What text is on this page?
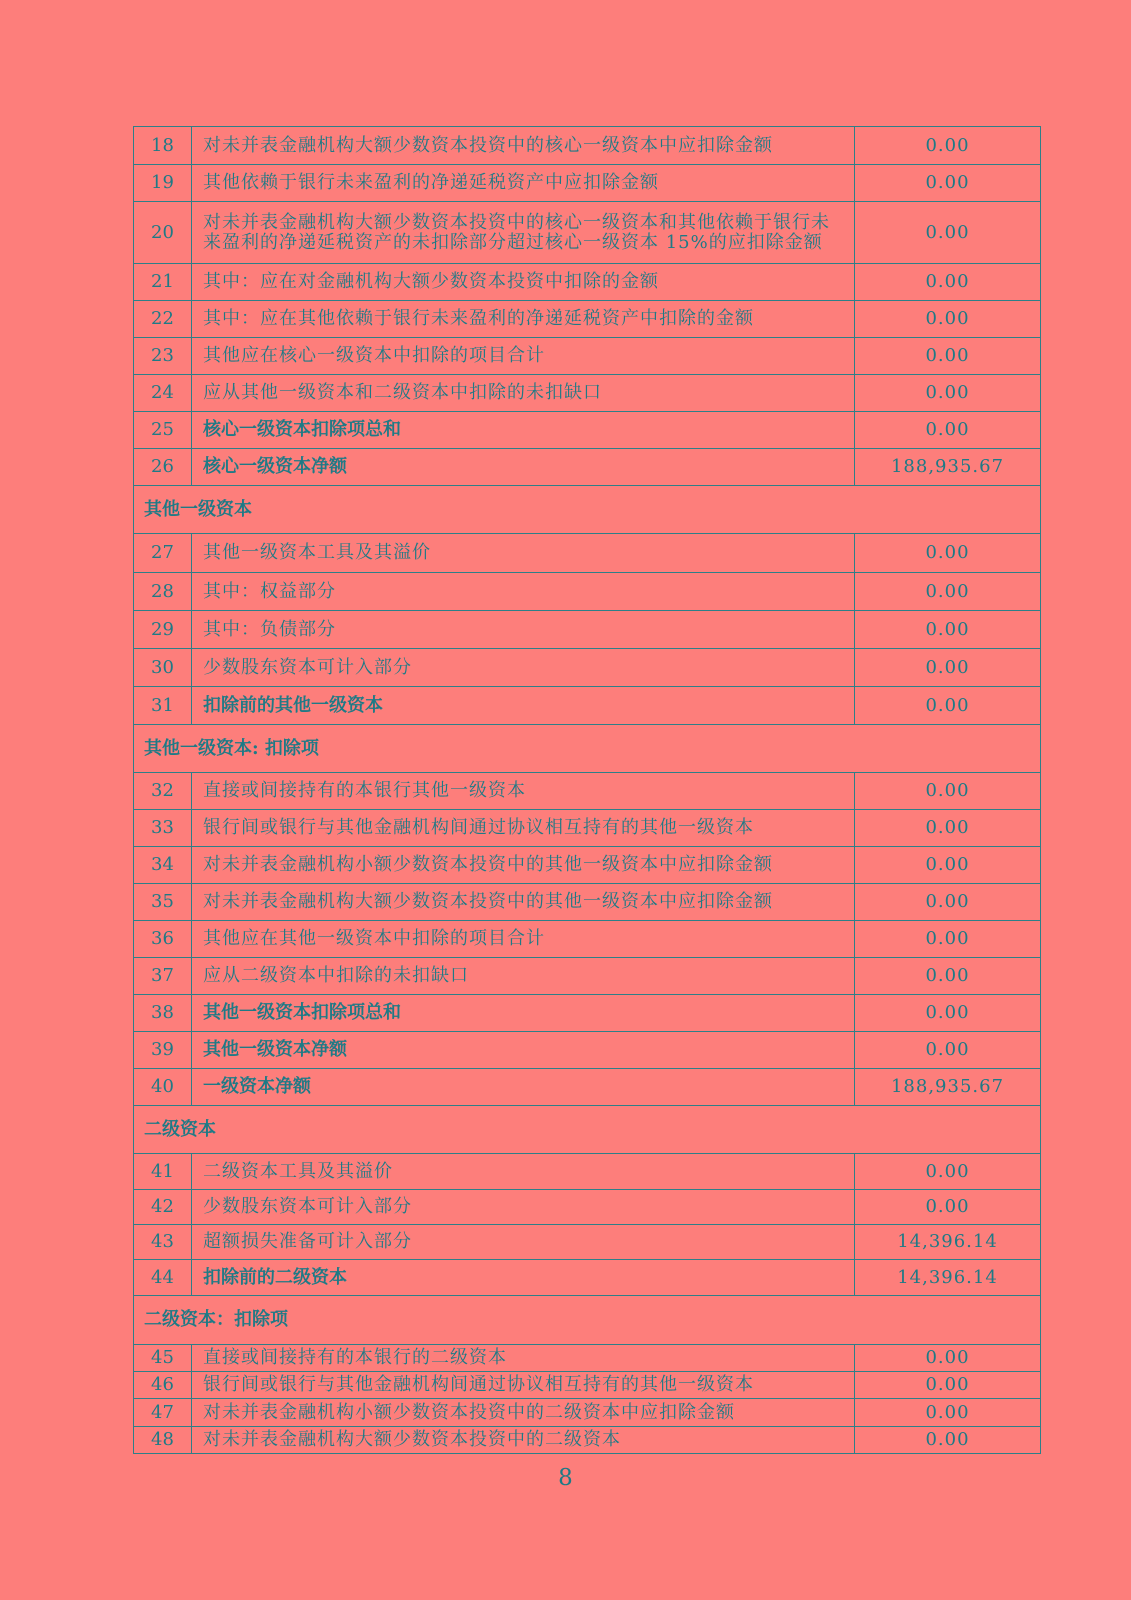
18	对未并表金融机构大额少数资本投资中的核心一级资本中应扣除金额	0.00
19	其他依赖于银行未来盈利的净递延税资产中应扣除金额	0.00
20	对未并表金融机构大额少数资本投资中的核心一级资本和其他依赖于银行未来盈利的净递延税资产的未扣除部分超过核心一级资本 15%的应扣除金额	0.00
21	其中：应在对金融机构大额少数资本投资中扣除的金额	0.00
22	其中：应在其他依赖于银行未来盈利的净递延税资产中扣除的金额	0.00
23	其他应在核心一级资本中扣除的项目合计	0.00
24	应从其他一级资本和二级资本中扣除的未扣缺口	0.00
25	核心一级资本扣除项总和	0.00
26	核心一级资本净额	188,935.67
其他一级资本		
27	其他一级资本工具及其溢价	0.00
28	其中：权益部分	0.00
29	其中：负债部分	0.00
30	少数股东资本可计入部分	0.00
31	扣除前的其他一级资本	0.00
其他一级资本: 扣除项		
32	直接或间接持有的本银行其他一级资本	0.00
33	银行间或银行与其他金融机构间通过协议相互持有的其他一级资本	0.00
34	对未并表金融机构小额少数资本投资中的其他一级资本中应扣除金额	0.00
35	对未并表金融机构大额少数资本投资中的其他一级资本中应扣除金额	0.00
36	其他应在其他一级资本中扣除的项目合计	0.00
37	应从二级资本中扣除的未扣缺口	0.00
38	其他一级资本扣除项总和	0.00
39	其他一级资本净额	0.00
40	一级资本净额	188,935.67
二级资本		
41	二级资本工具及其溢价	0.00
42	少数股东资本可计入部分	0.00
43	超额损失准备可计入部分	14,396.14
44	扣除前的二级资本	14,396.14
二级资本：扣除项		
45	直接或间接持有的本银行的二级资本	0.00
46	银行间或银行与其他金融机构间通过协议相互持有的其他一级资本	0.00
47	对未并表金融机构小额少数资本投资中的二级资本中应扣除金额	0.00
48	对未并表金融机构大额少数资本投资中的二级资本	0.00
8
